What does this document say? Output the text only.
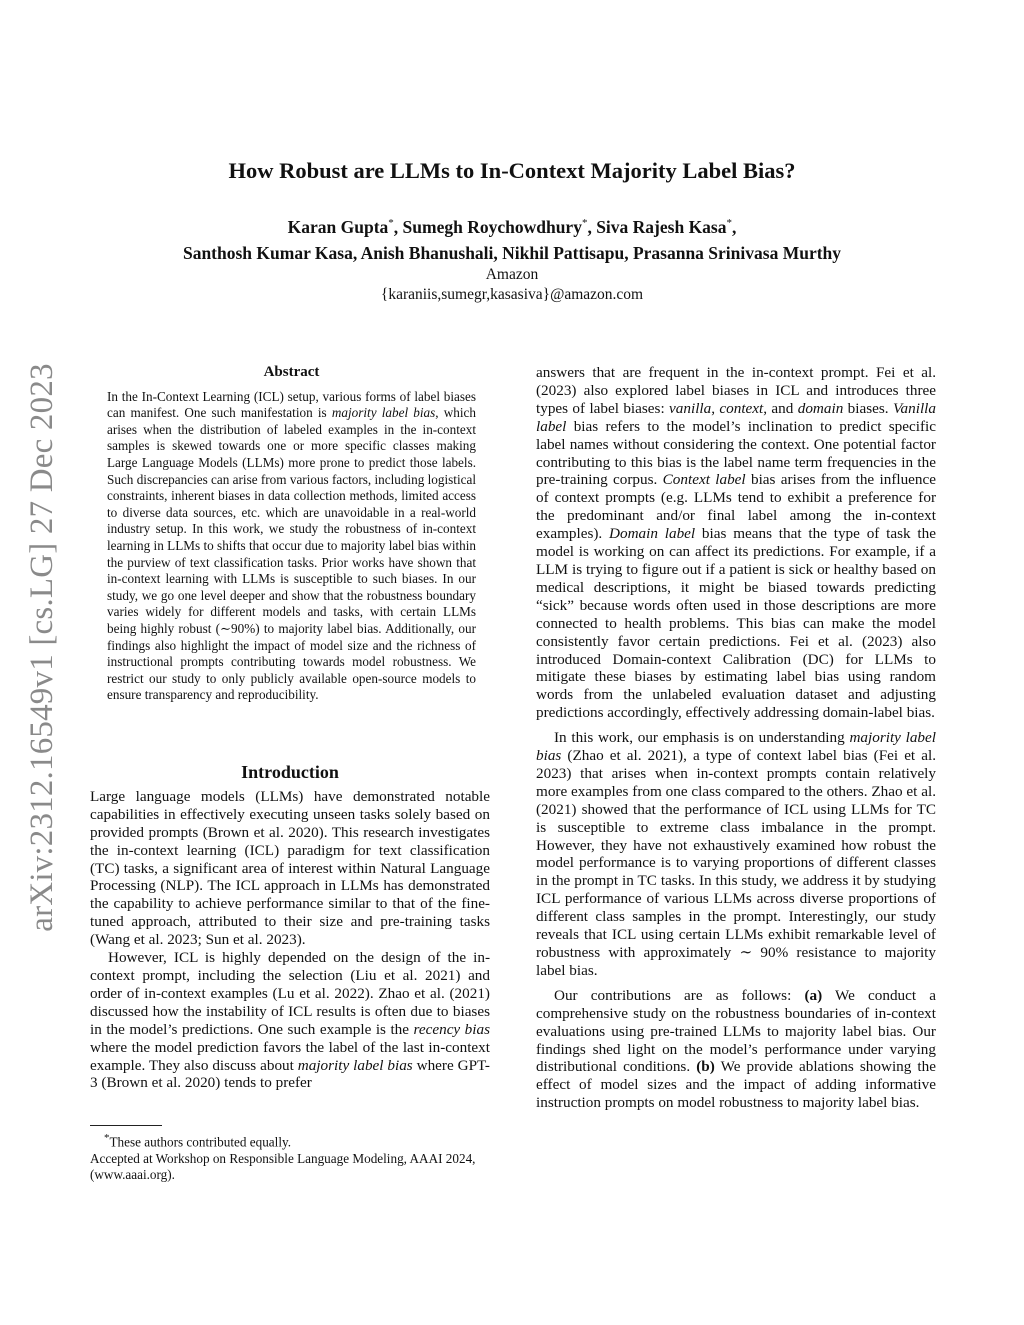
arXiv:2312.16549v1 [cs.LG] 27 Dec 2023
How Robust are LLMs to In-Context Majority Label Bias?
Karan Gupta*, Sumegh Roychowdhury*, Siva Rajesh Kasa*,
Santhosh Kumar Kasa, Anish Bhanushali, Nikhil Pattisapu, Prasanna Srinivasa Murthy
Amazon
{karaniis,sumegr,kasasiva}@amazon.com
Abstract

In the In-Context Learning (ICL) setup, various forms of label biases can manifest. One such manifestation is majority label bias, which arises when the distribution of labeled examples in the in-context samples is skewed towards one or more specific classes making Large Language Models (LLMs) more prone to predict those labels. Such discrepancies can arise from various factors, including logistical constraints, inherent biases in data collection methods, limited access to diverse data sources, etc. which are unavoidable in a real-world industry setup. In this work, we study the robustness of in-context learning in LLMs to shifts that occur due to majority label bias within the purview of text classification tasks. Prior works have shown that in-context learning with LLMs is susceptible to such biases. In our study, we go one level deeper and show that the robustness boundary varies widely for different models and tasks, with certain LLMs being highly robust (∼90%) to majority label bias. Additionally, our findings also highlight the impact of model size and the richness of instructional prompts contributing towards model robustness. We restrict our study to only publicly available open-source models to ensure transparency and reproducibility.

Introduction

Large language models (LLMs) have demonstrated notable capabilities in effectively executing unseen tasks solely based on provided prompts (Brown et al. 2020). This research investigates the in-context learning (ICL) paradigm for text classification (TC) tasks, a significant area of interest within Natural Language Processing (NLP). The ICL approach in LLMs has demonstrated the capability to achieve performance similar to that of the fine-tuned approach, attributed to their size and pre-training tasks (Wang et al. 2023; Sun et al. 2023).

However, ICL is highly depended on the design of the in-context prompt, including the selection (Liu et al. 2021) and order of in-context examples (Lu et al. 2022). Zhao et al. (2021) discussed how the instability of ICL results is often due to biases in the model’s predictions. One such example is the recency bias where the model prediction favors the label of the last in-context example. They also discuss about majority label bias where GPT-3 (Brown et al. 2020) tends to prefer

*These authors contributed equally.

Accepted at Workshop on Responsible Language Modeling, AAAI 2024, (www.aaai.org).

answers that are frequent in the in-context prompt. Fei et al. (2023) also explored label biases in ICL and introduces three types of label biases: vanilla, context, and domain biases. Vanilla label bias refers to the model’s inclination to predict specific label names without considering the context. One potential factor contributing to this bias is the label name term frequencies in the pre-training corpus. Context label bias arises from the influence of context prompts (e.g. LLMs tend to exhibit a preference for the predominant and/or final label among the in-context examples). Domain label bias means that the type of task the model is working on can affect its predictions. For example, if a LLM is trying to figure out if a patient is sick or healthy based on medical descriptions, it might be biased towards predicting “sick” because words often used in those descriptions are more connected to health problems. This bias can make the model consistently favor certain predictions. Fei et al. (2023) also introduced Domain-context Calibration (DC) for LLMs to mitigate these biases by estimating label bias using random words from the unlabeled evaluation dataset and adjusting predictions accordingly, effectively addressing domain-label bias.

In this work, our emphasis is on understanding majority label bias (Zhao et al. 2021), a type of context label bias (Fei et al. 2023) that arises when in-context prompts contain relatively more examples from one class compared to the others. Zhao et al. (2021) showed that the performance of ICL using LLMs for TC is susceptible to extreme class imbalance in the prompt. However, they have not exhaustively examined how robust the model performance is to varying proportions of different classes in the prompt in TC tasks. In this study, we address it by studying ICL performance of various LLMs across diverse proportions of different class samples in the prompt. Interestingly, our study reveals that ICL using certain LLMs exhibit remarkable level of robustness with approximately ∼ 90% resistance to majority label bias.

Our contributions are as follows: (a) We conduct a comprehensive study on the robustness boundaries of in-context evaluations using pre-trained LLMs to majority label bias. Our findings shed light on the model’s performance under varying distributional conditions. (b) We provide ablations showing the effect of model sizes and the impact of adding informative instruction prompts on model robustness to majority label bias.
